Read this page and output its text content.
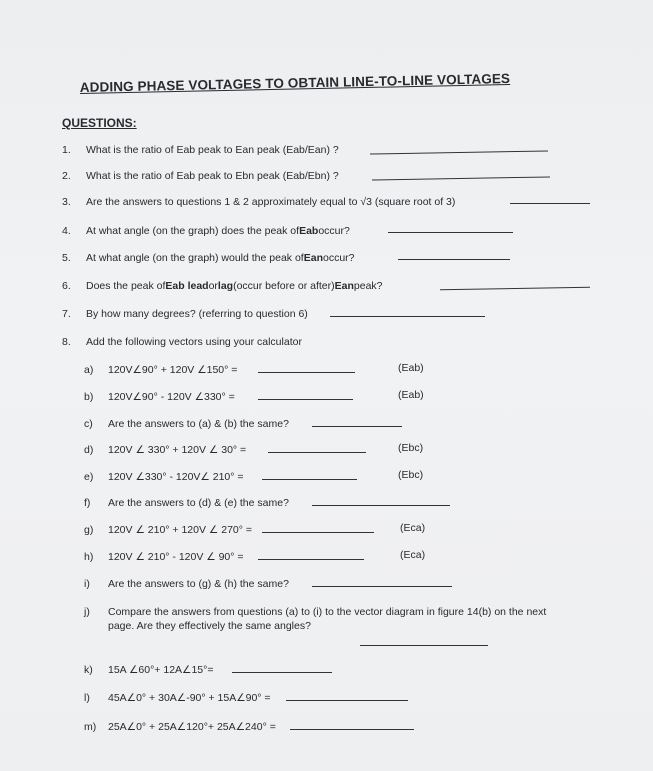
ADDING PHASE VOLTAGES TO OBTAIN LINE-TO-LINE VOLTAGES
QUESTIONS:
1.	What is the ratio of Eab peak to Ean peak (Eab/Ean) ?
2.	What is the ratio of Eab peak to Ebn peak (Eab/Ebn) ?
3.	Are the answers to questions 1 & 2 approximately equal to √3 (square root of 3)
4.	At what angle (on the graph) does the peak of Eab occur?
5.	At what angle (on the graph) would the peak of Ean occur?
6.	Does the peak of Eab lead or lag (occur before or after) Ean peak?
7.	By how many degrees? (referring to question 6)
8.	Add the following vectors using your calculator
a)	120V∠90° + 120V ∠150° =	(Eab)
b)	120V∠90° - 120V ∠330° =	(Eab)
c)	Are the answers to (a) & (b) the same?
d)	120V ∠ 330° + 120V ∠ 30° =	(Ebc)
e)	120V ∠330° - 120V∠ 210° =	(Ebc)
f)	Are the answers to (d) & (e) the same?
g)	120V ∠ 210° + 120V ∠ 270° =	(Eca)
h)	120V ∠ 210° - 120V ∠ 90° =	(Eca)
i)	Are the answers to (g) & (h) the same?
j)	Compare the answers from questions (a) to (i) to the vector diagram in figure 14(b) on the next
page. Are they effectively the same angles?
k)	15A ∠60°+ 12A∠15°=
l)	45A∠0° + 30A∠-90° + 15A∠90° =
m)	25A∠0° + 25A∠120°+ 25A∠240° =
